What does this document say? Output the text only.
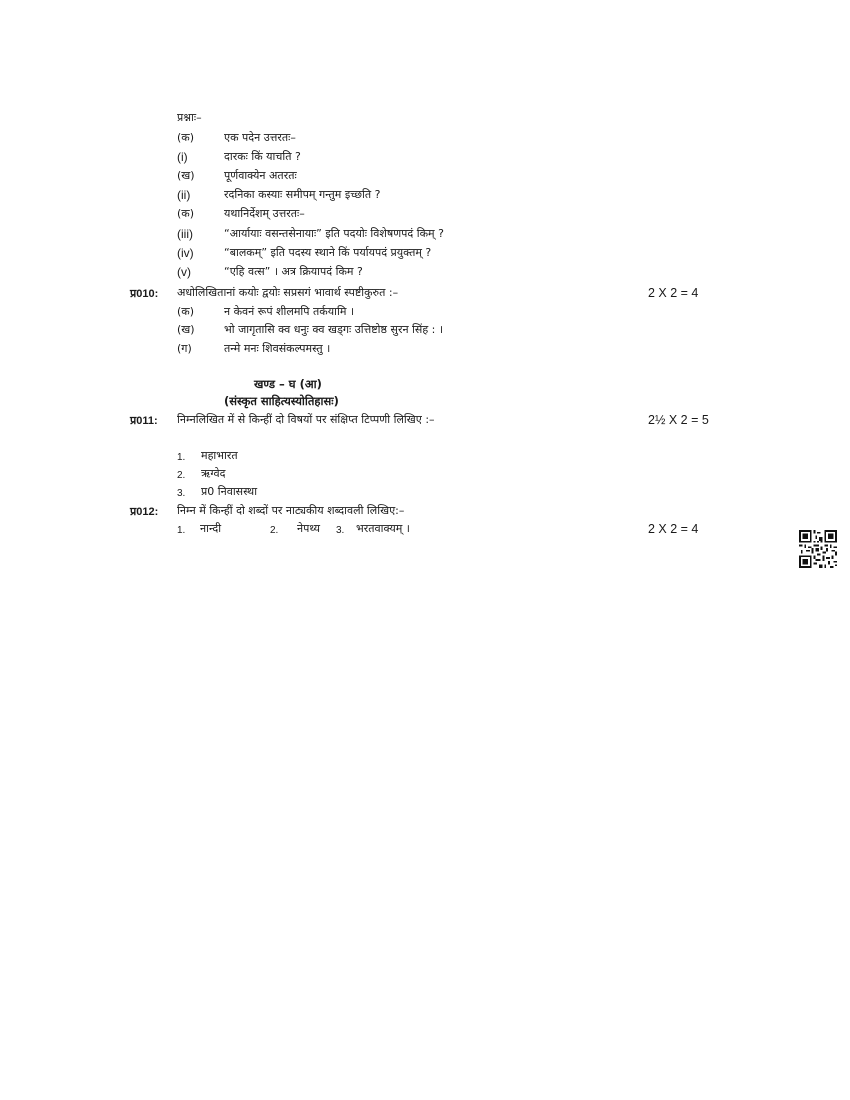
प्रश्नाः–
(क)	एक पदेन उत्तरतः–
(i)	दारकः किं याचति ?
(ख)	पूर्णवाक्येन अतरतः
(ii)	रदनिका कस्याः समीपम् गन्तुम इच्छति ?
(क)	यथानिर्देशम् उत्तरतः–
(iii)	“आर्यायाः वसन्तसेनायाः” इति पदयोः विशेषणपदं किम् ?
(iv)	“बालकम्” इति पदस्य स्थाने किं पर्यायपदं प्रयुक्तम् ?
(v)	“एहि वत्स” । अत्र क्रियापदं किम ?
प्र010: अधोलिखितानां कयोः द्वयोः सप्रसगं भावार्थ स्पष्टीकुरुत :–	2 X 2 = 4
(क)	न केवनं रूपं शीलमपि तर्कयामि ।
(ख)	भो जागृतासि क्व धनुः क्व खड्गः उत्तिष्टोष्ठ सुरन सिंह : ।
(ग)	तन्मे मनः शिवसंकल्पमस्तु ।
खण्ड – घ (आ)
(संस्कृत साहित्यस्योतिहासः)
प्र011: निम्नलिखित में से किन्हीं दो विषयों पर संक्षिप्त टिप्पणी लिखिए :–	2½ X 2 = 5
1. महाभारत
2. ऋग्वेद
3. प्र0 निवासस्था
प्र012: निम्न में किन्हीं दो शब्दों पर नाट्यकीय शब्दावली लिखिए:–
1. नान्दी	2. नेपथ्य 3. भरतवाक्यम् ।	2 X 2 = 4
